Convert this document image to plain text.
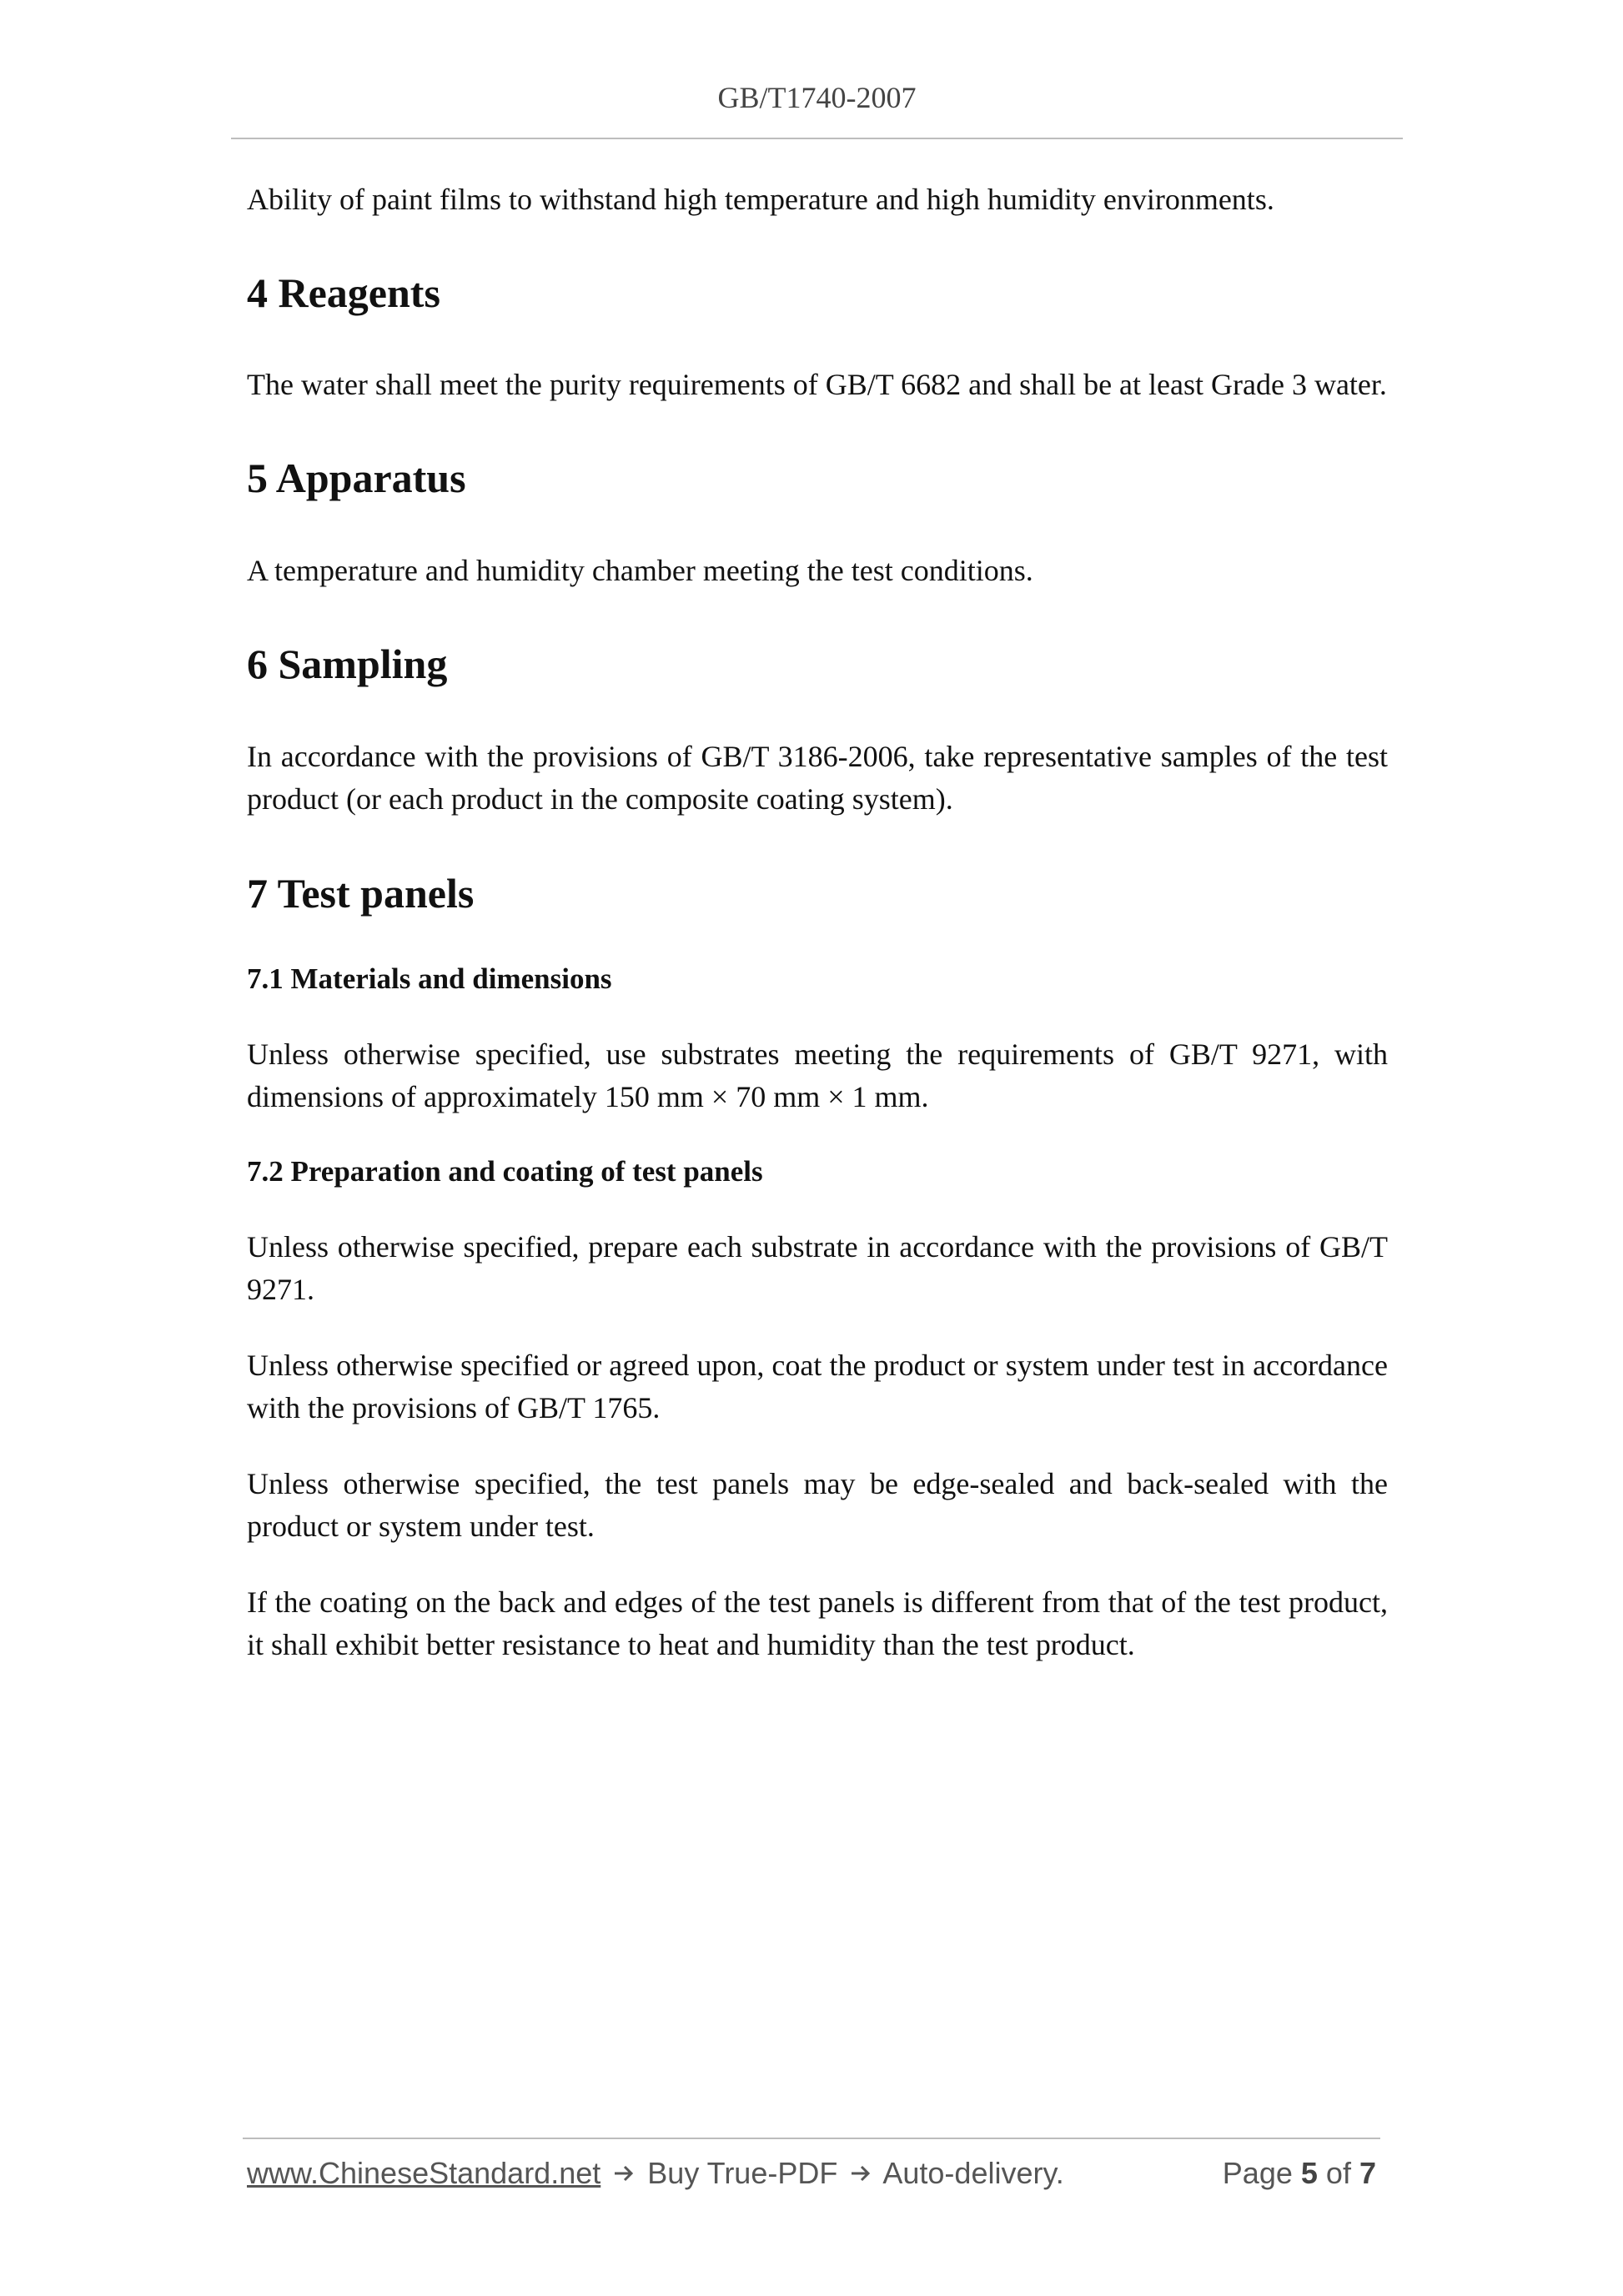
GB/T1740-2007

Ability of paint films to withstand high temperature and high humidity environments.

4 Reagents

The water shall meet the purity requirements of GB/T 6682 and shall be at least Grade 3 water.

5 Apparatus

A temperature and humidity chamber meeting the test conditions.

6 Sampling

In accordance with the provisions of GB/T 3186-2006, take representative samples of the test product (or each product in the composite coating system).

7 Test panels
7.1 Materials and dimensions

Unless otherwise specified, use substrates meeting the requirements of GB/T 9271, with dimensions of approximately 150 mm × 70 mm × 1 mm.

7.2 Preparation and coating of test panels

Unless otherwise specified, prepare each substrate in accordance with the provisions of GB/T 9271.

Unless otherwise specified or agreed upon, coat the product or system under test in accordance with the provisions of GB/T 1765.

Unless otherwise specified, the test panels may be edge-sealed and back-sealed with the product or system under test.

If the coating on the back and edges of the test panels is different from that of the test product, it shall exhibit better resistance to heat and humidity than the test product.

www.ChineseStandard.net Buy True-PDF Auto-delivery.	Page 5 of 7
